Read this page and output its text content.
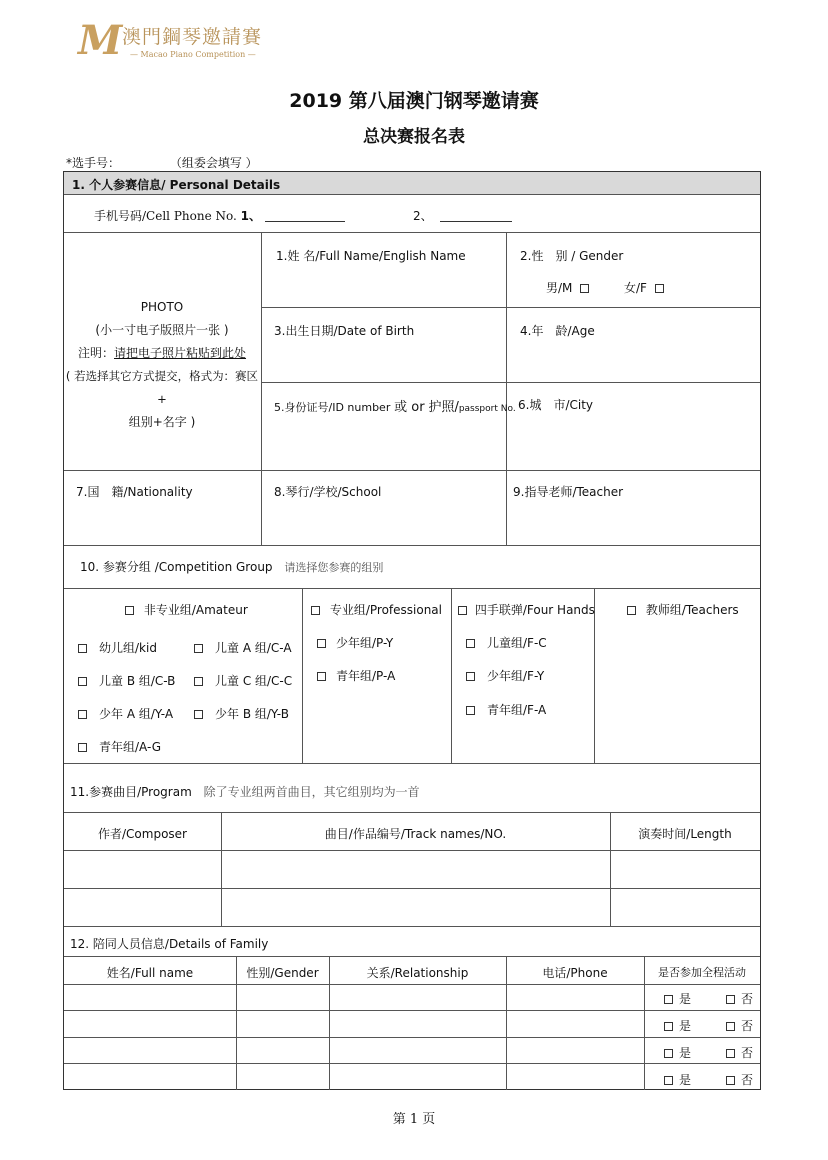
M 澳門鋼琴邀請賽
— Macao Piano Competition —
2019 第八届澳门钢琴邀请赛
总决赛报名表
*选手号：	（组委会填写 ）
1. 个人参赛信息/ Personal Details
手机号码/Cell Phone No. 1、	2、
PHOTO
(小一寸电子版照片一张 )
注明：请把电子照片粘贴到此处
( 若选择其它方式提交，格式为：赛区+
组别+名字 )
1.姓 名/Full Name/English Name	2.性　别 / Gender
男/M	女/F
3.出生日期/Date of Birth	4.年　龄/Age
5.身份证号/ID number 或 or 护照/passport No. 6.城　市/City
7.国　籍/Nationality	8.琴行/学校/School	9.指导老师/Teacher
10. 参赛分组 /Competition Group 请选择您参赛的组别
非专业组/Amateur
幼儿组/kid	儿童 A 组/C-A
儿童 B 组/C-B	儿童 C 组/C-C
少年 A 组/Y-A	少年 B 组/Y-B
青年组/A-G
专业组/Professional
少年组/P-Y
青年组/P-A
四手联弹/Four Hands
儿童组/F-C
少年组/F-Y
青年组/F-A
教师组/Teachers
11.参赛曲目/Program 除了专业组两首曲目，其它组别均为一首
作者/Composer	曲目/作品编号/Track names/NO.	演奏时间/Length
12. 陪同人员信息/Details of Family
姓名/Full name	性别/Gender	关系/Relationship	电话/Phone	是否参加全程活动
是	否
是	否
是	否
是	否
第 1 页
